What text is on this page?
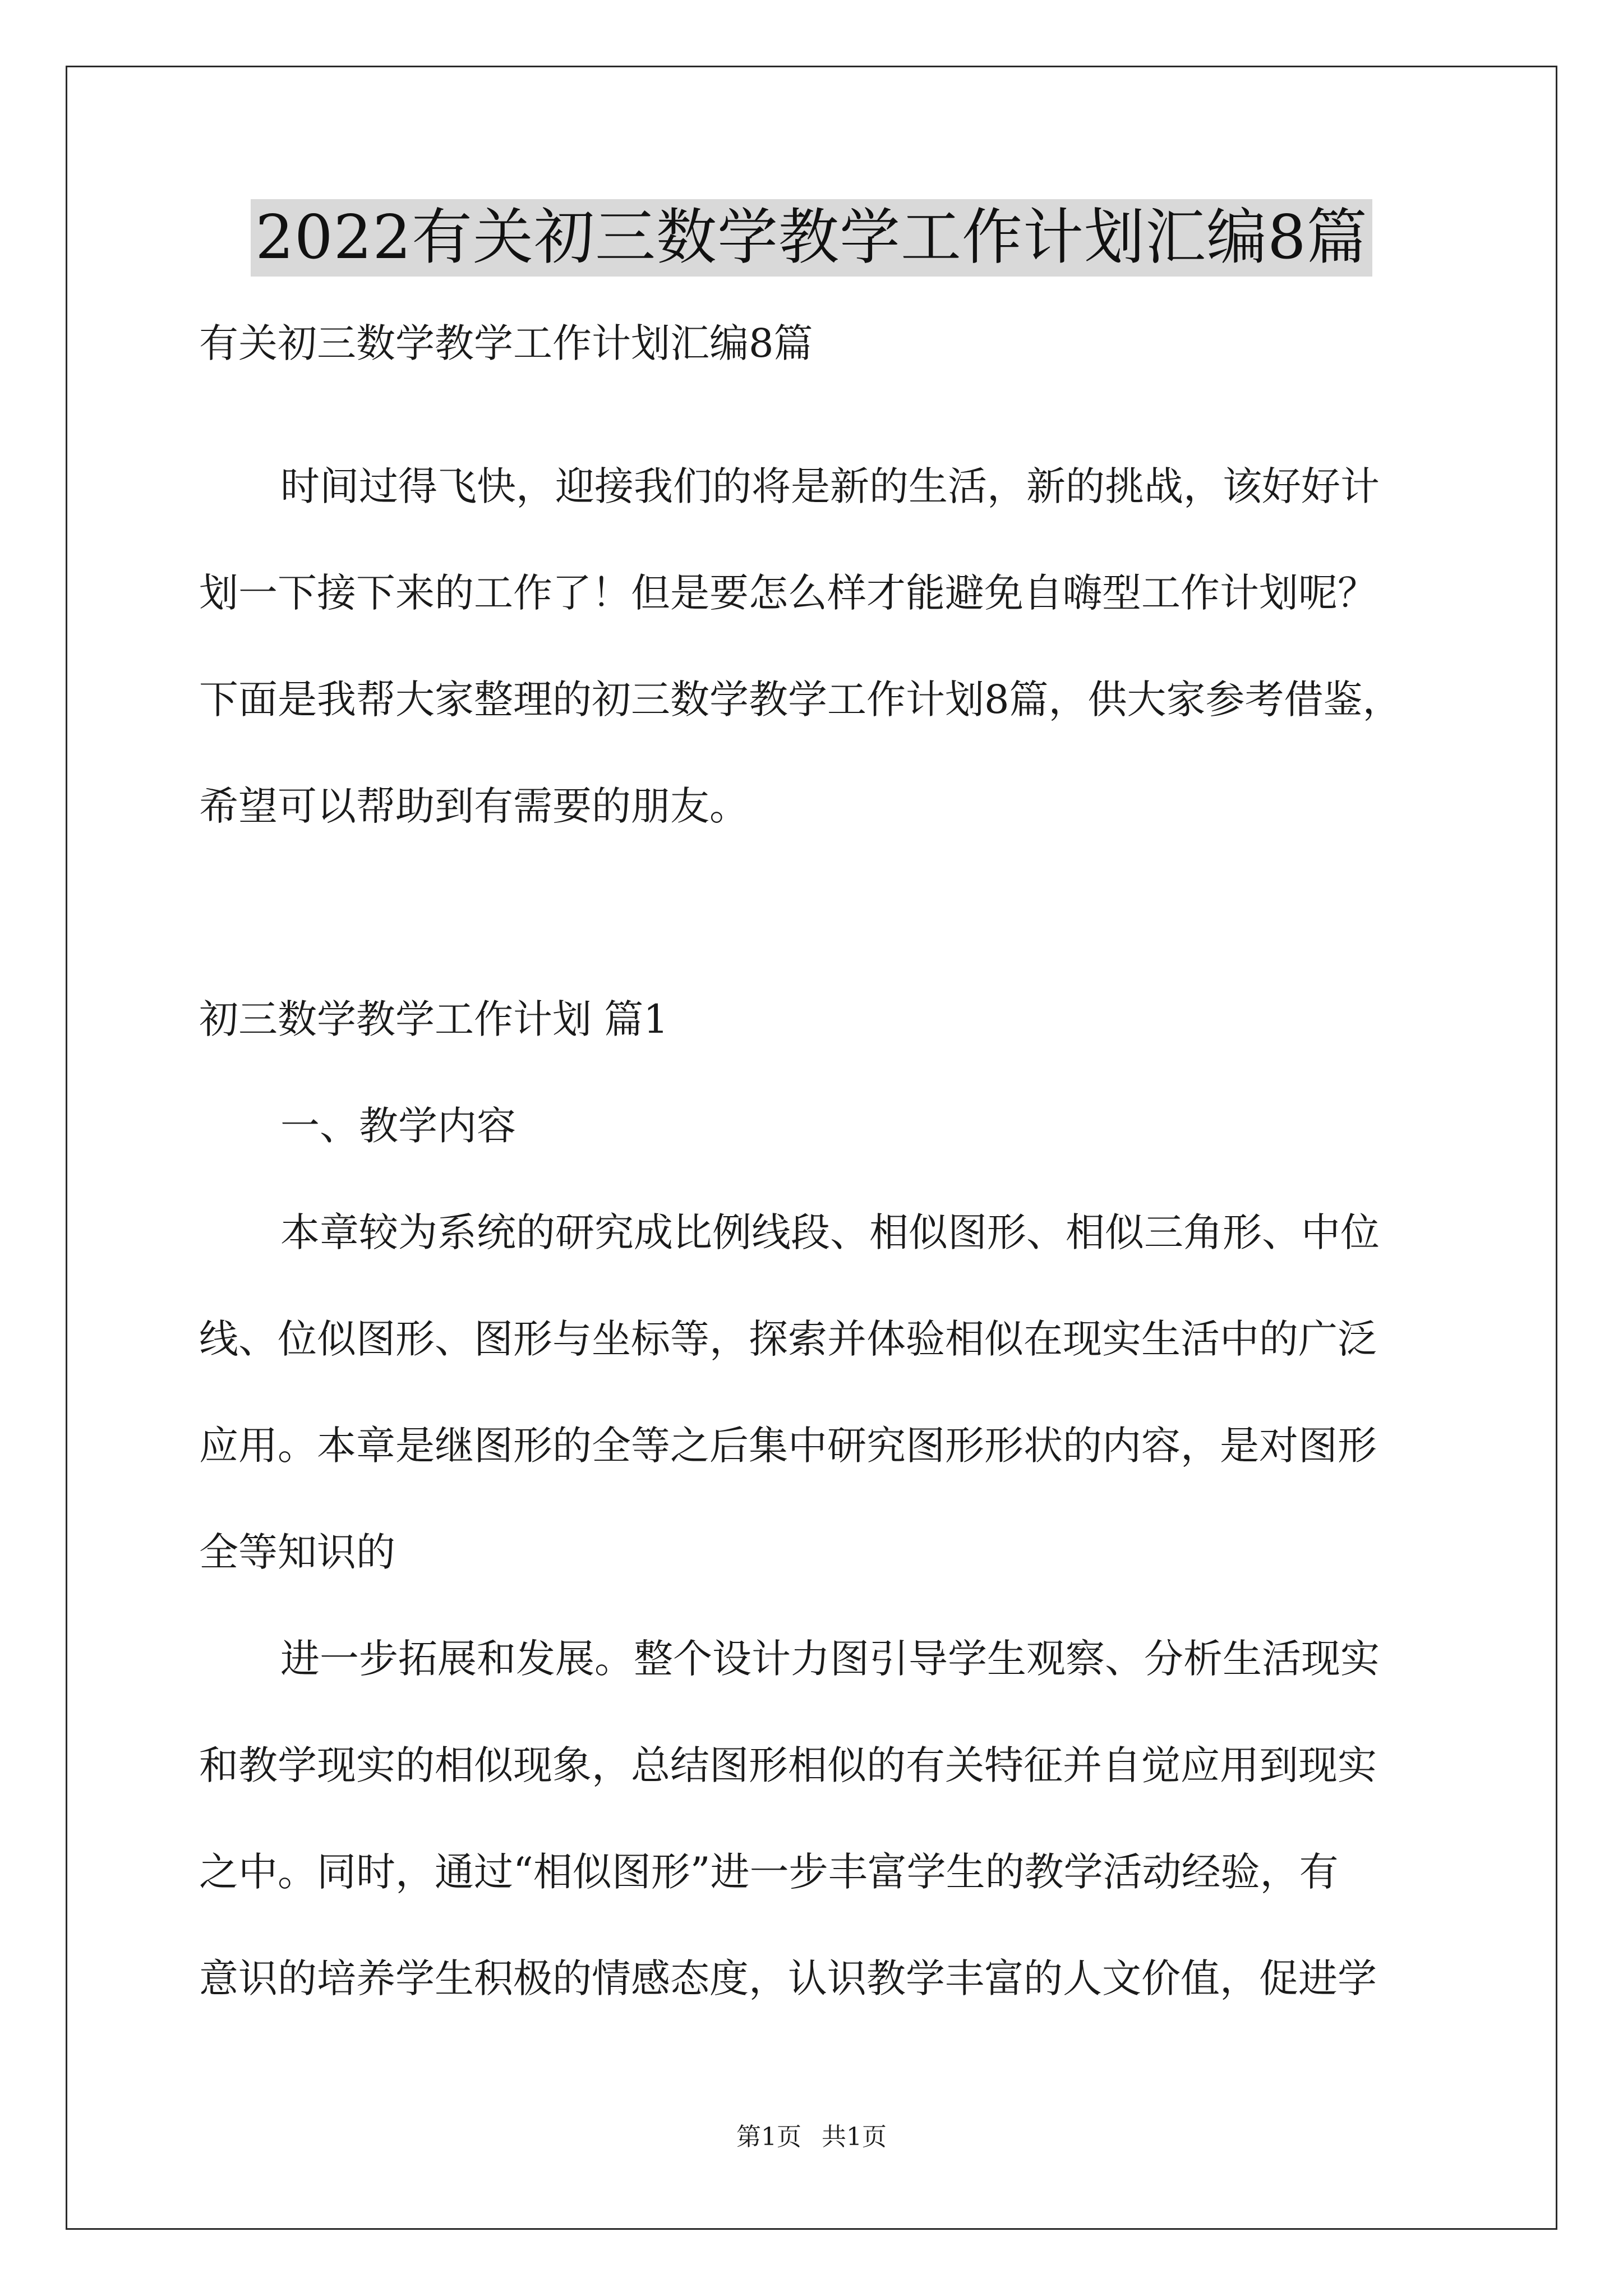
2022有关初三数学教学工作计划汇编8篇
有关初三数学教学工作计划汇编8篇
时间过得飞快，迎接我们的将是新的生活，新的挑战，该好好计
划一下接下来的工作了！但是要怎么样才能避免自嗨型工作计划呢？
下面是我帮大家整理的初三数学教学工作计划8篇，供大家参考借鉴，
希望可以帮助到有需要的朋友。
初三数学教学工作计划 篇1
一、教学内容
本章较为系统的研究成比例线段、相似图形、相似三角形、中位
线、位似图形、图形与坐标等，探索并体验相似在现实生活中的广泛
应用。本章是继图形的全等之后集中研究图形形状的内容，是对图形
全等知识的
进一步拓展和发展。整个设计力图引导学生观察、分析生活现实
和教学现实的相似现象，总结图形相似的有关特征并自觉应用到现实
之中。同时，通过“相似图形”进一步丰富学生的教学活动经验，有
意识的培养学生积极的情感态度，认识教学丰富的人文价值，促进学
第1页 共1页
